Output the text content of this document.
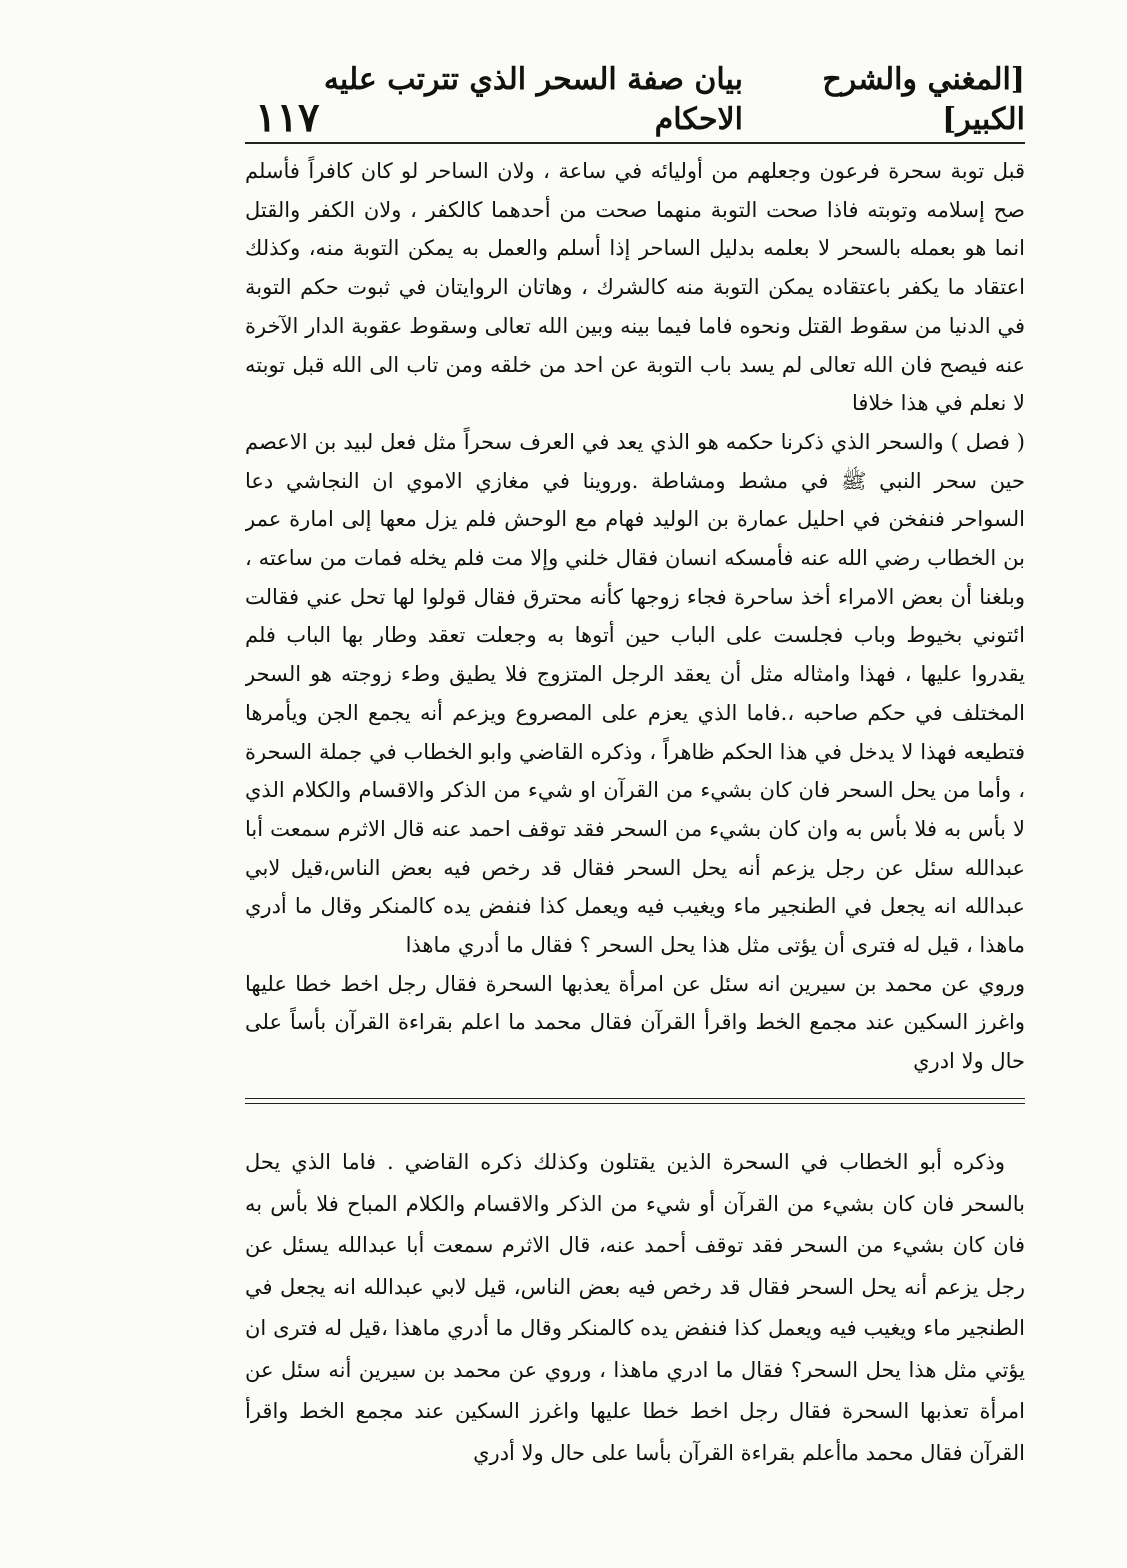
١١٧
[المغني والشرح الكبير]
بيان صفة السحر الذي تترتب عليه الاحكام

قبل توبة سحرة فرعون وجعلهم من أوليائه في ساعة ، ولان الساحر لو كان كافراً فأسلم صح إسلامه وتوبته فاذا صحت التوبة منهما صحت من أحدهما كالكفر ، ولان الكفر والقتل انما هو بعمله بالسحر لا بعلمه بدليل الساحر إذا أسلم والعمل به يمكن التوبة منه، وكذلك اعتقاد ما يكفر باعتقاده يمكن التوبة منه كالشرك ، وهاتان الروايتان في ثبوت حكم التوبة في الدنيا من سقوط القتل ونحوه فاما فيما بينه وبين الله تعالى وسقوط عقوبة الدار الآخرة عنه فيصح فان الله تعالى لم يسد باب التوبة عن احد من خلقه ومن تاب الى الله قبل توبته لا نعلم في هذا خلافا

( فصل ) والسحر الذي ذكرنا حكمه هو الذي يعد في العرف سحراً مثل فعل لبيد بن الاعصم حين سحر النبي ﷺ في مشط ومشاطة .وروينا في مغازي الاموي ان النجاشي دعا السواحر فنفخن في احليل عمارة بن الوليد فهام مع الوحش فلم يزل معها إلى امارة عمر بن الخطاب رضي الله عنه فأمسكه انسان فقال خلني وإلا مت فلم يخله فمات من ساعته ، وبلغنا أن بعض الامراء أخذ ساحرة فجاء زوجها كأنه محترق فقال قولوا لها تحل عني فقالت ائتوني بخيوط وباب فجلست على الباب حين أتوها به وجعلت تعقد وطار بها الباب فلم يقدروا عليها ، فهذا وامثاله مثل أن يعقد الرجل المتزوج فلا يطيق وطء زوجته هو السحر المختلف في حكم صاحبه ،.فاما الذي يعزم على المصروع ويزعم أنه يجمع الجن ويأمرها فتطيعه فهذا لا يدخل في هذا الحكم ظاهراً ، وذكره القاضي وابو الخطاب في جملة السحرة ، وأما من يحل السحر فان كان بشيء من القرآن او شيء من الذكر والاقسام والكلام الذي لا بأس به فلا بأس به وان كان بشيء من السحر فقد توقف احمد عنه قال الاثرم سمعت أبا عبدالله سئل عن رجل يزعم أنه يحل السحر فقال قد رخص فيه بعض الناس،قيل لابي عبدالله انه يجعل في الطنجير ماء ويغيب فيه ويعمل كذا فنفض يده كالمنكر وقال ما أدري ماهذا ، قيل له فترى أن يؤتى مثل هذا يحل السحر ؟ فقال ما أدري ماهذا

وروي عن محمد بن سيرين انه سئل عن امرأة يعذبها السحرة فقال رجل اخط خطا عليها واغرز السكين عند مجمع الخط واقرأ القرآن فقال محمد ما اعلم بقراءة القرآن بأساً على حال ولا ادري

وذكره أبو الخطاب في السحرة الذين يقتلون وكذلك ذكره القاضي . فاما الذي يحل بالسحر فان كان بشيء من القرآن أو شيء من الذكر والاقسام والكلام المباح فلا بأس به فان كان بشيء من السحر فقد توقف أحمد عنه، قال الاثرم سمعت أبا عبدالله يسئل عن رجل يزعم أنه يحل السحر فقال قد رخص فيه بعض الناس، قيل لابي عبدالله انه يجعل في الطنجير ماء ويغيب فيه ويعمل كذا فنفض يده كالمنكر وقال ما أدري ماهذا ،قيل له فترى ان يؤتي مثل هذا يحل السحر؟ فقال ما ادري ماهذا ، وروي عن محمد بن سيرين أنه سئل عن امرأة تعذبها السحرة فقال رجل اخط خطا عليها واغرز السكين عند مجمع الخط واقرأ القرآن فقال محمد ماأعلم بقراءة القرآن بأسا على حال ولا أدري
